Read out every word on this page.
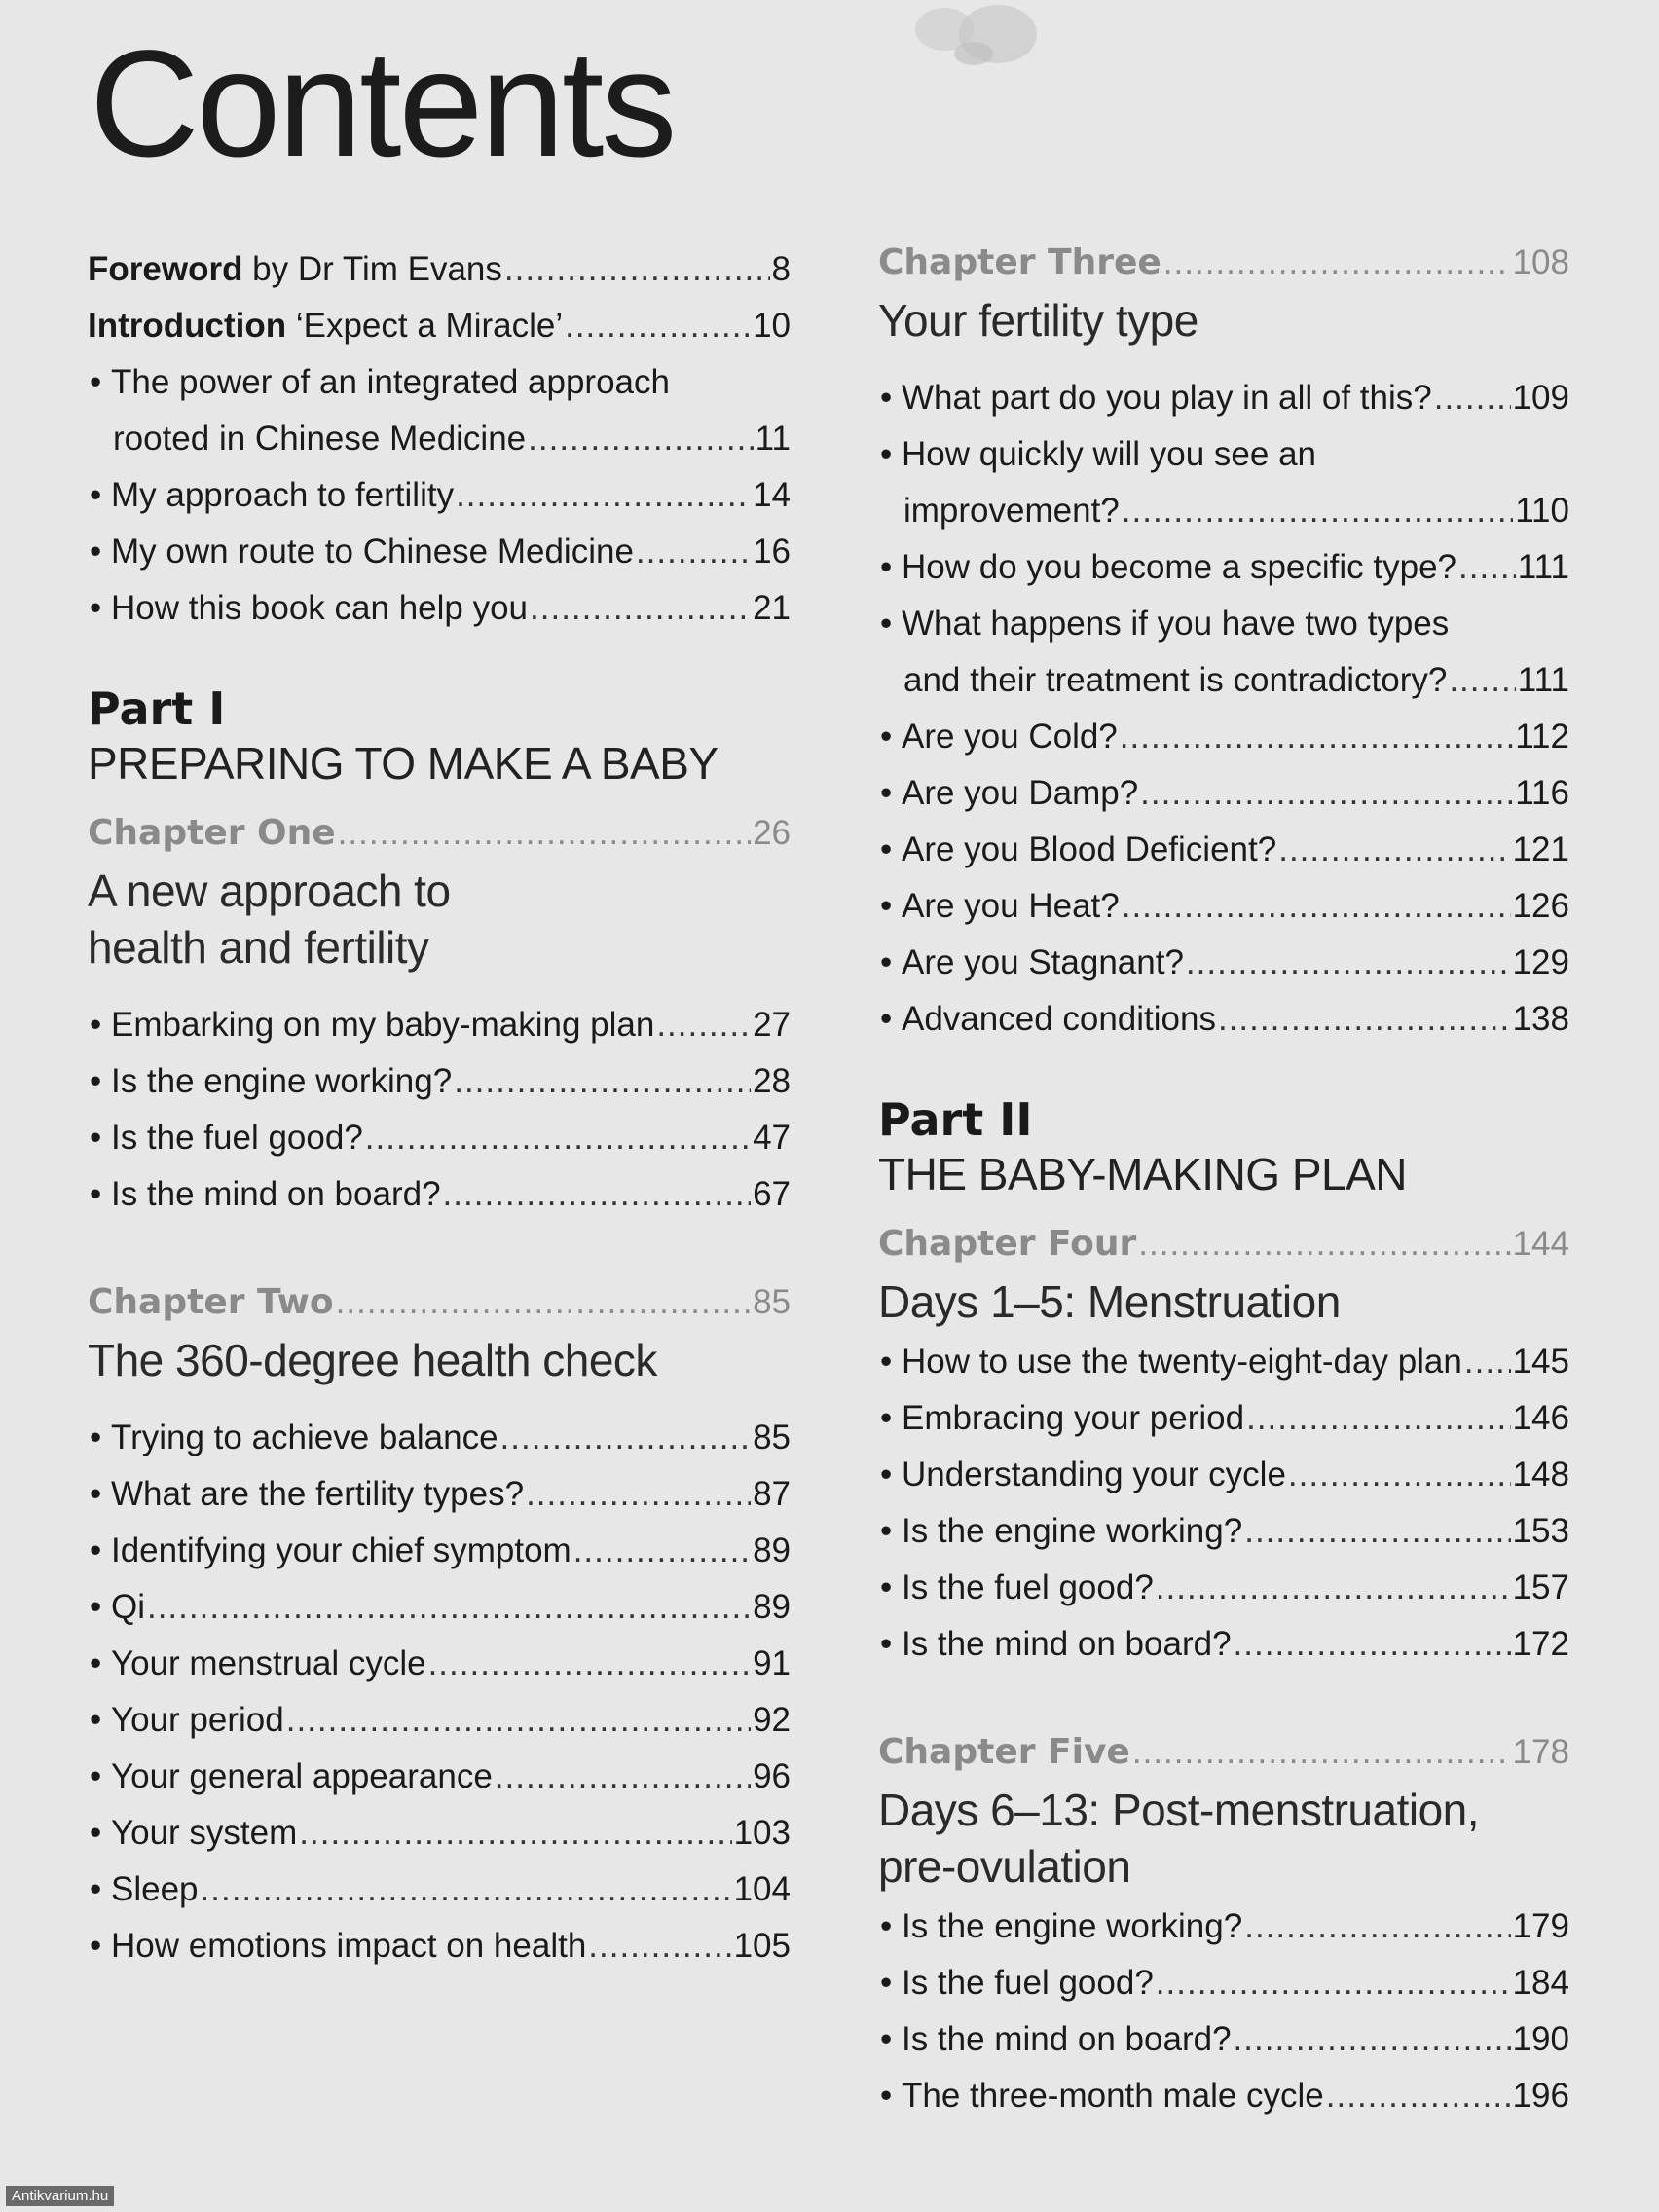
Contents
Foreword by Dr Tim Evans .....	8
Introduction ‘Expect a Miracle’ .....	10
• The power of an integrated approach
rooted in Chinese Medicine .....	11
• My approach to fertility .....	14
• My own route to Chinese Medicine .....	16
• How this book can help you .....	21
Part I
PREPARING TO MAKE A BABY
Chapter One .....	26
A new approach to
health and fertility
• Embarking on my baby-making plan .....	27
• Is the engine working? .....	28
• Is the fuel good? .....	47
• Is the mind on board? .....	67
Chapter Two .....	85
The 360-degree health check
• Trying to achieve balance .....	85
• What are the fertility types? .....	87
• Identifying your chief symptom .....	89
• Qi .....	89
• Your menstrual cycle .....	91
• Your period .....	92
• Your general appearance .....	96
• Your system .....	103
• Sleep .....	104
• How emotions impact on health .....	105
Chapter Three .....	108
Your fertility type
• What part do you play in all of this? ..... 109
• How quickly will you see an
improvement? .....	110
• How do you become a specific type? ..... 111
• What happens if you have two types
and their treatment is contradictory? ..... 111
• Are you Cold? .....	112
• Are you Damp? .....	116
• Are you Blood Deficient? .....	121
• Are you Heat? .....	126
• Are you Stagnant? .....	129
• Advanced conditions .....	138
Part II
THE BABY-MAKING PLAN
Chapter Four .....	144
Days 1–5: Menstruation
• How to use the twenty-eight-day plan ..... 145
• Embracing your period .....	146
• Understanding your cycle .....	148
• Is the engine working? .....	153
• Is the fuel good? .....	157
• Is the mind on board? .....	172
Chapter Five .....	178
Days 6–13: Post-menstruation,
pre-ovulation
• Is the engine working? .....	179
• Is the fuel good? .....	184
• Is the mind on board? .....	190
• The three-month male cycle .....	196
Antikvarium.hu
